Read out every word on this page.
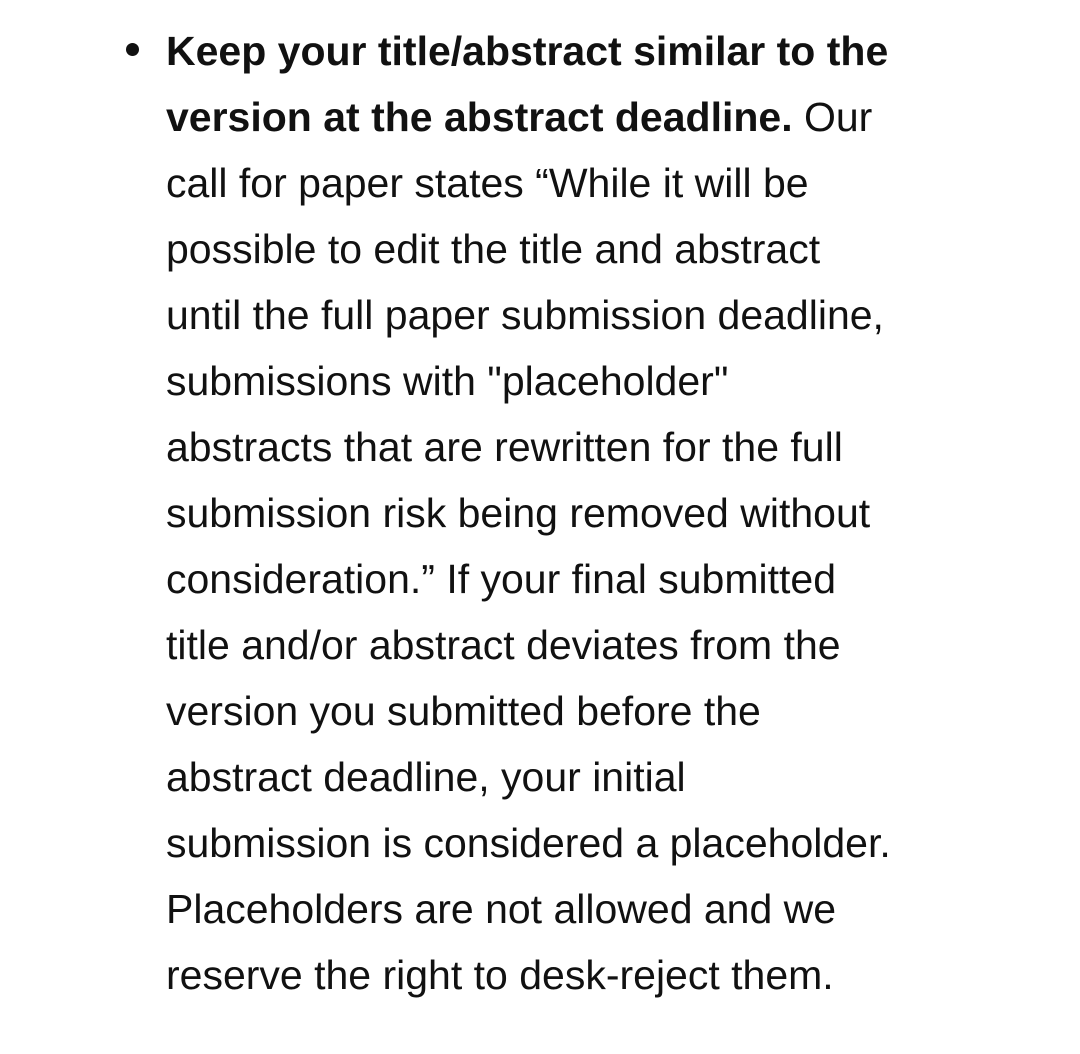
Keep your title/abstract similar to the
version at the abstract deadline. Our
call for paper states “While it will be
possible to edit the title and abstract
until the full paper submission deadline,
submissions with "placeholder"
abstracts that are rewritten for the full
submission risk being removed without
consideration.” If your final submitted
title and/or abstract deviates from the
version you submitted before the
abstract deadline, your initial
submission is considered a placeholder.
Placeholders are not allowed and we
reserve the right to desk-reject them.
